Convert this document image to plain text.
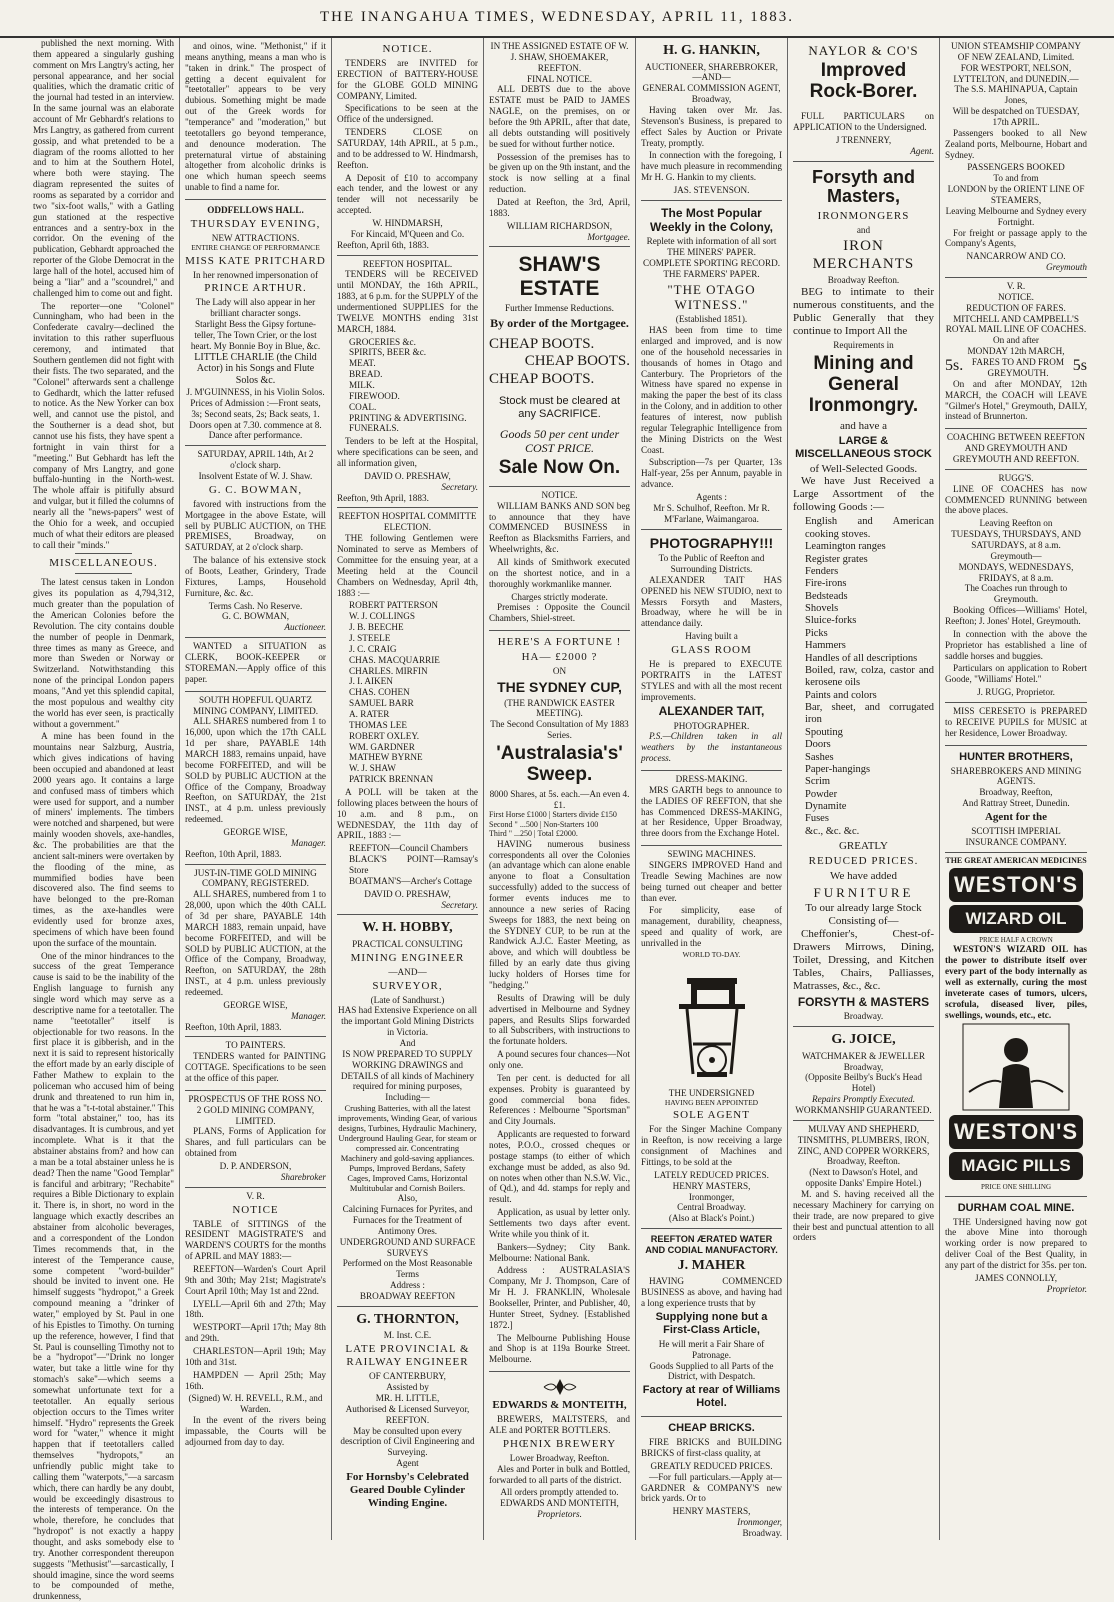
THE INANGAHUA TIMES, WEDNESDAY, APRIL 11, 1883.

published the next morning. With them appeared a singularly gushing comment on Mrs Langtry's acting, her personal appearance, and her social qualities, which the dramatic critic of the journal had tested in an interview. In the same journal was an elaborate account of Mr Gebhardt's relations to Mrs Langtry, as gathered from current gossip, and what pretended to be a diagram of the rooms allotted to her and to him at the Southern Hotel, where both were staying. The diagram represented the suites of rooms as separated by a corridor and two "six-foot walls," with a Gatling gun stationed at the respective entrances and a sentry-box in the corridor. On the evening of the publication, Gebhardt approached the reporter of the Globe Democrat in the large hall of the hotel, accused him of being a "liar" and a "scoundrel," and challenged him to come out and fight.

The reporter—one "Colonel" Cunningham, who had been in the Confederate cavalry—declined the invitation to this rather superfluous ceremony, and intimated that Southern gentlemen did not fight with their fists. The two separated, and the "Colonel" afterwards sent a challenge to Gedhardt, which the latter refused to notice. As the New Yorker can box well, and cannot use the pistol, and the Southerner is a dead shot, but cannot use his fists, they have spent a fortnight in vain thirst for a "meeting." But Gebhardt has left the company of Mrs Langtry, and gone buffalo-hunting in the North-west. The whole affair is pitifully absurd and vulgar, but it filled the columns of nearly all the "news-papers" west of the Ohio for a week, and occupied much of what their editors are pleased to call their "minds."

MISCELLANEOUS.

The latest census taken in London gives its population as 4,794,312, much greater than the population of the American Colonies before the Revolution. The city contains double the number of people in Denmark, three times as many as Greece, and more than Sweden or Norway or Switzerland. Notwithstanding this none of the principal London papers moans, "And yet this splendid capital, the most populous and wealthy city the world has ever seen, is practically without a government."

A mine has been found in the mountains near Salzburg, Austria, which gives indications of having been occupied and abandoned at least 2000 years ago. It contains a large and confused mass of timbers which were used for support, and a number of miners' implements. The timbers were notched and sharpened, but were mainly wooden shovels, axe-handles, &c. The probabilities are that the ancient salt-miners were overtaken by the flooding of the mine, as mummified bodies have been discovered also. The find seems to have belonged to the pre-Roman times, as the axe-handles were evidently used for bronze axes, specimens of which have been found upon the surface of the mountain.

One of the minor hindrances to the success of the great Temperance cause is said to be the inability of the English language to furnish any single word which may serve as a descriptive name for a teetotaller. The name "teetotaller" itself is objectionable for two reasons. In the first place it is gibberish, and in the next it is said to represent historically the effort made by an early disciple of Father Mathew to explain to the policeman who accused him of being drunk and threatened to run him in, that he was a "t-t-total abstainer." This form "total abstainer," too, has its disadvantages. It is cumbrous, and yet incomplete. What is it that the abstainer abstains from? and how can a man be a total abstainer unless he is dead? Then the name "Good Templar" is fanciful and arbitrary; "Rechabite" requires a Bible Dictionary to explain it. There is, in short, no word in the language which exactly describes an abstainer from alcoholic beverages, and a correspondent of the London Times recommends that, in the interest of the Temperance cause, some competent "word-builder" should be invited to invent one. He himself suggests "hydropot," a Greek compound meaning a "drinker of water," employed by St. Paul in one of his Epistles to Timothy. On turning up the reference, however, I find that St. Paul is counselling Timothy not to be a "hydropot"—"Drink no longer water, but take a little wine for thy stomach's sake"—which seems a somewhat unfortunate text for a teetotaller. An equally serious objection occurs to the Times writer himself. "Hydro" represents the Greek word for "water," whence it might happen that if teetotallers called themselves "hydropots," an unfriendly public might take to calling them "waterpots,"—a sarcasm which, there can hardly be any doubt, would be exceedingly disastrous to the interests of temperance. On the whole, therefore, he concludes that "hydropot" is not exactly a happy thought, and asks somebody else to try. Another correspondent thereupon suggests "Methusist"—sarcastically, I should imagine, since the word seems to be compounded of methe, drunkenness,

and oinos, wine. "Methonist," if it means anything, means a man who is "taken in drink." The prospect of getting a decent equivalent for "teetotaller" appears to be very dubious. Something might be made out of the Greek words for "temperance" and "moderation," but teetotallers go beyond temperance, and denounce moderation. The preternatural virtue of abstaining altogether from alcoholic drinks is one which human speech seems unable to find a name for.

ODDFELLOWS HALL.
THURSDAY EVENING,
NEW ATTRACTIONS.
ENTIRE CHANGE OF PERFORMANCE
MISS KATE PRITCHARD
In her renowned impersonation of
PRINCE ARTHUR.
The Lady will also appear in her brilliant character songs.
Starlight Bess the Gipsy fortune-teller, The Town Crier, or the lost heart. My Bonnie Boy in Blue, &c.
LITTLE CHARLIE (the Child Actor) in his Songs and Flute Solos &c.
J. M'GUINNESS, in his Violin Solos.
Prices of Admission :—Front seats, 3s; Second seats, 2s; Back seats, 1.
Doors open at 7.30. commence at 8.
Dance after performance.
SATURDAY, APRIL 14th, At 2 o'clock sharp.
Insolvent Estate of W. J. Shaw.
G. C. BOWMAN,

favored with instructions from the Mortgagee in the above Estate, will sell by PUBLIC AUCTION, on THE PREMISES, Broadway, on SATURDAY, at 2 o'clock sharp.

The balance of his extensive stock of Boots, Leather, Grindery, Trade Fixtures, Lamps, Household Furniture, &c. &c.

Terms Cash. No Reserve.
G. C. BOWMAN,
Auctioneer.

WANTED a SITUATION as CLERK, BOOK-KEEPER or STOREMAN.—Apply office of this paper.

SOUTH HOPEFUL QUARTZ MINING COMPANY, LIMITED.

ALL SHARES numbered from 1 to 16,000, upon which the 17th CALL 1d per share, PAYABLE 14th MARCH 1883, remains unpaid, have become FORFEITED, and will be SOLD by PUBLIC AUCTION at the Office of the Company, Broadway Reefton, on SATURDAY, the 21st INST., at 4 p.m. unless previously redeemed.

GEORGE WISE,
Manager.
Reefton, 10th April, 1883.
JUST-IN-TIME GOLD MINING COMPANY, REGISTERED.

ALL SHARES, numbered from 1 to 28,000, upon which the 40th CALL of 3d per share, PAYABLE 14th MARCH 1883, remain unpaid, have become FORFEITED, and will be SOLD by PUBLIC AUCTION, at the Office of the Company, Broadway, Reefton, on SATURDAY, the 28th INST., at 4 p.m. unless previously redeemed.

GEORGE WISE,
Manager.
Reefton, 10th April, 1883.
TO PAINTERS.

TENDERS wanted for PAINTING COTTAGE. Specifications to be seen at the office of this paper.

PROSPECTUS OF THE ROSS NO. 2 GOLD MINING COMPANY, LIMITED.

PLANS, Forms of Application for Shares, and full particulars can be obtained from

D. P. ANDERSON,
Sharebroker
V. R.
NOTICE

TABLE of SITTINGS of the RESIDENT MAGISTRATE'S and WARDEN'S COURTS for the months of APRIL and MAY 1883:—

REEFTON—Warden's Court April 9th and 30th; May 21st; Magistrate's Court April 10th; May 1st and 22nd.

LYELL—April 6th and 27th; May 18th.

WESTPORT—April 17th; May 8th and 29th.

CHARLESTON—April 19th; May 10th and 31st.

HAMPDEN — April 25th; May 16th.

(Signed) W. H. REVELL, R.M., and Warden.

In the event of the rivers being impassable, the Courts will be adjourned from day to day.

NOTICE.

TENDERS are INVITED for ERECTION of BATTERY-HOUSE for the GLOBE GOLD MINING COMPANY, Limited.

Specifications to be seen at the Office of the undersigned.

TENDERS CLOSE on SATURDAY, 14th APRIL, at 5 p.m., and to be addressed to W. Hindmarsh, Reefton.

A Deposit of £10 to accompany each tender, and the lowest or any tender will not necessarily be accepted.

W. HINDMARSH,
For Kincaid, M'Queen and Co.
Reefton, April 6th, 1883.
REEFTON HOSPITAL.

TENDERS will be RECEIVED until MONDAY, the 16th APRIL, 1883, at 6 p.m. for the SUPPLY of the undermentioned SUPPLIES for the TWELVE MONTHS ending 31st MARCH, 1884.

GROCERIES &c.
SPIRITS, BEER &c.
MEAT.
BREAD.
MILK.
FIREWOOD.
COAL.
PRINTING & ADVERTISING.
FUNERALS.

Tenders to be left at the Hospital, where specifications can be seen, and all information given,

DAVID O. PRESHAW,
Secretary.
Reefton, 9th April, 1883.
REEFTON HOSPITAL COMMITTE ELECTION.

THE following Gentlemen were Nominated to serve as Members of Committee for the ensuing year, at a Meeting held at the Council Chambers on Wednesday, April 4th, 1883 :—

ROBERT PATTERSON
W. J. COLLINGS
J. B. BEECHE
J. STEELE
J. C. CRAIG
CHAS. MACQUARRIE
CHARLES. MIRFIN
J. I. AIKEN
CHAS. COHEN
SAMUEL BARR
A. RATER
THOMAS LEE
ROBERT OXLEY.
WM. GARDNER
MATHEW BYRNE
W. J. SHAW
PATRICK BRENNAN

A POLL will be taken at the following places between the hours of 10 a.m. and 8 p.m., on WEDNESDAY, the 11th day of APRIL, 1883 :—

REEFTON—Council Chambers
BLACK'S POINT—Ramsay's Store
BOATMAN'S—Archer's Cottage
DAVID O. PRESHAW,
Secretary.
W. H. HOBBY,
PRACTICAL CONSULTING
MINING ENGINEER
—AND—
SURVEYOR,
(Late of Sandhurst.)
HAS had Extensive Experience on all the important Gold Mining Districts in Victoria.
And
IS NOW PREPARED TO SUPPLY WORKING DRAWINGS and DETAILS of all kinds of Machinery required for mining purposes, Including—
Crushing Batteries, with all the latest improvements, Winding Gear, of various designs, Turbines, Hydraulic Machinery, Underground Hauling Gear, for steam or compressed air. Concentrating Machinery and gold-saving appliances. Pumps, Improved Berdans, Safety Cages, Improved Cams, Horizontal Multitubular and Cornish Boilers.
Also,
Calcining Furnaces for Pyrites, and Furnaces for the Treatment of Antimony Ores.
UNDERGROUND AND SURFACE SURVEYS
Performed on the Most Reasonable Terms
Address :
BROADWAY REEFTON
G. THORNTON,
M. Inst. C.E.
LATE PROVINCIAL & RAILWAY ENGINEER
OF CANTERBURY,
Assisted by
MR. H. LITTLE,
Authorised & Licensed Surveyor,
REEFTON.
May be consulted upon every description of Civil Engineering and Surveying.
Agent
For Hornsby's Celebrated Geared Double Cylinder Winding Engine.
IN THE ASSIGNED ESTATE OF W. J. SHAW, SHOEMAKER, REEFTON.
FINAL NOTICE.

ALL DEBTS due to the above ESTATE must be PAID to JAMES NAGLE, on the premises, on or before the 9th APRIL, after that date, all debts outstanding will positively be sued for without further notice.

Possession of the premises has to be given up on the 9th instant, and the stock is now selling at a final reduction.

Dated at Reefton, the 3rd, April, 1883.

WILLIAM RICHARDSON,
Mortgagee.
SHAW'S ESTATE
Further Immense Reductions.
By order of the Mortgagee.
CHEAP BOOTS.
CHEAP BOOTS.
CHEAP BOOTS.
Stock must be cleared at any SACRIFICE.
Goods 50 per cent under COST PRICE.
Sale Now On.
NOTICE.

WILLIAM BANKS AND SON beg to announce that they have COMMENCED BUSINESS in Reefton as Blacksmiths Farriers, and Wheelwrights, &c.

All kinds of Smithwork executed on the shortest notice, and in a thoroughly workmanlike manner.

Charges strictly moderate.

Premises : Opposite the Council Chambers, Shiel-street.

HERE'S A FORTUNE !
HA— £2000 ?
ON
THE SYDNEY CUP,
(THE RANDWICK EASTER MEETING).
The Second Consultation of My 1883 Series.
'Australasia's' Sweep.
8000 Shares, at 5s. each.—An even 4. £1.
First Horse £1000 | Starters divide £150
Second " ...500 | Non-Starters 100
Third " ...250 | Total £2000.

HAVING numerous business correspondents all over the Colonies (an advantage which can alone enable anyone to float a Consultation successfully) added to the success of former events induces me to announce a new series of Racing Sweeps for 1883, the next being on the SYDNEY CUP, to be run at the Randwick A.J.C. Easter Meeting, as above, and which will doubtless be filled by an early date thus giving lucky holders of Horses time for "hedging."

Results of Drawing will be duly advertised in Melbourne and Sydney papers, and Results Slips forwarded to all Subscribers, with instructions to the fortunate holders.

A pound secures four chances—Not only one.

Ten per cent. is deducted for all expenses. Probity is guaranteed by good commercial bona fides. References : Melbourne "Sportsman" and City Journals.

Applicants are requested to forward notes, P.O.O., crossed cheques or postage stamps (to either of which exchange must be added, as also 9d. on notes when other than N.S.W. Vic., of Qd.), and 4d. stamps for reply and result.

Application, as usual by letter only. Settlements two days after event. Write while you think of it.

Bankers—Sydney; City Bank. Melbourne: National Bank.

Address : AUSTRALASIA'S Company, Mr J. Thompson, Care of Mr H. J. FRANKLIN, Wholesale Bookseller, Printer, and Publisher, 40, Hunter Street, Sydney. [Established 1872.]

The Melbourne Publishing House and Shop is at 119a Bourke Street. Melbourne.

EDWARDS & MONTEITH,

BREWERS, MALTSTERS, and ALE and PORTER BOTTLERS.

PHŒNIX BREWERY
Lower Broadway, Reefton.

Ales and Porter in bulk and Bottled, forwarded to all parts of the district.

All orders promptly attended to.
EDWARDS AND MONTEITH,
Proprietors.
H. G. HANKIN,
AUCTIONEER, SHAREBROKER,
—AND—
GENERAL COMMISSION AGENT,
Broadway,

Having taken over Mr. Jas. Stevenson's Business, is prepared to effect Sales by Auction or Private Treaty, promptly.

In connection with the foregoing, I have much pleasure in recommending Mr H. G. Hankin to my clients.

JAS. STEVENSON.
The Most Popular Weekly in the Colony,
Replete with information of all sort
THE MINERS' PAPER.
COMPLETE SPORTING RECORD.
THE FARMERS' PAPER.
"THE OTAGO WITNESS."
(Established 1851).

HAS been from time to time enlarged and improved, and is now one of the household necessaries in thousands of homes in Otago and Canterbury. The Proprietors of the Witness have spared no expense in making the paper the best of its class in the Colony, and in addition to other features of interest, now publish regular Telegraphic Intelligence from the Mining Districts on the West Coast.

Subscription—7s per Quarter, 13s Half-year, 25s per Annum, payable in advance.

Agents :
Mr S. Schulhof, Reefton. Mr R. M'Farlane, Waimangaroa.
PHOTOGRAPHY!!!
To the Public of Reefton and Surrounding Districts.

ALEXANDER TAIT HAS OPENED his NEW STUDIO, next to Messrs Forsyth and Masters, Broadway, where he will be in attendance daily.

Having built a
GLASS ROOM

He is prepared to EXECUTE PORTRAITS in the LATEST STYLES and with all the most recent improvements.

ALEXANDER TAIT,
PHOTOGRAPHER.

P.S.—Children taken in all weathers by the instantaneous process.

DRESS-MAKING.

MRS GARTH begs to announce to the LADIES OF REEFTON, that she has Commenced DRESS-MAKING, at her Residence, Upper Broadway, three doors from the Exchange Hotel.

SEWING MACHINES.

SINGERS IMPROVED Hand and Treadle Sewing Machines are now being turned out cheaper and better than ever.

For simplicity, ease of management, durability, cheapness, speed and quality of work, are unrivalled in the

WORLD TO-DAY.
THE UNDERSIGNED
HAVING BEEN APPOINTED
SOLE AGENT

For the Singer Machine Company in Reefton, is now receiving a large consignment of Machines and Fittings, to be sold at the

LATELY REDUCED PRICES.
HENRY MASTERS,
Ironmonger,
Central Broadway.
(Also at Black's Point.)
REEFTON ÆRATED WATER AND CODIAL MANUFACTORY.
J. MAHER

HAVING COMMENCED BUSINESS as above, and having had a long experience trusts that by

Supplying none but a First-Class Article,
He will merit a Fair Share of Patronage.
Goods Supplied to all Parts of the District, with Despatch.
Factory at rear of Williams Hotel.
CHEAP BRICKS.

FIRE BRICKS and BUILDING BRICKS of first-class quality, at

GREATLY REDUCED PRICES.

—For full particulars.—Apply at—GARDNER & COMPANY'S new brick yards. Or to

HENRY MASTERS,
Ironmonger,
Broadway.
NAYLOR & CO'S
Improved Rock-Borer.

FULL PARTICULARS on APPLICATION to the Undersigned.

J TRENNERY,
Agent.
Forsyth and Masters,
IRONMONGERS
and
IRON MERCHANTS
Broadway Reefton.

BEG to intimate to their numerous constituents, and the Public Generally that they continue to Import All the

Requirements in
Mining and General Ironmongry.
and have a
LARGE & MISCELLANEOUS STOCK
of Well-Selected Goods.

We have Just Received a Large Assortment of the following Goods :—

English and American cooking stoves.
Leamington ranges
Register grates
Fenders
Fire-irons
Bedsteads
Shovels
Sluice-forks
Picks
Hammers
Handles of all descriptions
Boiled, raw, colza, castor and kerosene oils
Paints and colors
Bar, sheet, and corrugated iron
Spouting
Doors
Sashes
Paper-hangings
Scrim
Powder
Dynamite
Fuses
&c., &c. &c.
GREATLY
REDUCED PRICES.
We have added
FURNITURE
To our already large Stock Consisting of—

Cheffonier's, Chest-of-Drawers Mirrows, Dining, Toilet, Dressing, and Kitchen Tables, Chairs, Palliasses, Matrasses, &c., &c.

FORSYTH & MASTERS
Broadway.
G. JOICE,
WATCHMAKER & JEWELLER
Broadway,
(Opposite Beilby's Buck's Head Hotel)
Repairs Promptly Executed.
WORKMANSHIP GUARANTEED.
MULVAY AND SHEPHERD, TINSMITHS, PLUMBERS, IRON, ZINC, AND COPPER WORKERS,
Broadway, Reefton.
(Next to Dawson's Hotel, and opposite Danks' Empire Hotel.)

M. and S. having received all the necessary Machinery for carrying on their trade, are now prepared to give their best and punctual attention to all orders

UNION STEAMSHIP COMPANY OF NEW ZEALAND, Limited.
FOR WESTPORT, NELSON, LYTTELTON, and DUNEDIN.—
The S.S. MAHINAPUA, Captain Jones,
Will be despatched on TUESDAY, 17th APRIL.

Passengers booked to all New Zealand ports, Melbourne, Hobart and Sydney.

PASSENGERS BOOKED
To and from
LONDON by the ORIENT LINE OF STEAMERS,
Leaving Melbourne and Sydney every Fortnight.

For freight or passage apply to the Company's Agents,

NANCARROW AND CO.
Greymouth
V. R.
NOTICE.
REDUCTION OF FARES.
MITCHELL AND CAMPBELL'S ROYAL MAIL LINE OF COACHES.
On and after
MONDAY 12th MARCH,
5s. FARES TO AND FROM GREYMOUTH.	5s

On and after MONDAY, 12th MARCH, the COACH will LEAVE "Gilmer's Hotel," Greymouth, DAILY, instead of Brunnerton.

COACHING BETWEEN REEFTON AND GREYMOUTH AND GREYMOUTH AND REEFTON.
RUGG'S.

LINE OF COACHES has now COMMENCED RUNNING between the above places.

Leaving Reefton on
TUESDAYS, THURSDAYS, AND SATURDAYS, at 8 a.m.
Greymouth—
MONDAYS, WEDNESDAYS, FRIDAYS, at 8 a.m.
The Coaches run through to Greymouth.

Booking Offices—Williams' Hotel, Reefton; J. Jones' Hotel, Greymouth.

In connection with the above the Proprietor has established a line of saddle horses and buggies.

Particulars on application to Robert Goode, "Williams' Hotel."

J. RUGG, Proprietor.

MISS CERESETO is PREPARED to RECEIVE PUPILS for MUSIC at her Residence, Lower Broadway.

HUNTER BROTHERS,
SHAREBROKERS AND MINING AGENTS.
Broadway, Reefton,
And Rattray Street, Dunedin.
Agent for the
SCOTTISH IMPERIAL INSURANCE COMPANY.
THE GREAT AMERICAN MEDICINES
WESTON'S
WIZARD OIL
PRICE HALF A CROWN

WESTON'S WIZARD OIL has the power to distribute itself over every part of the body internally as well as externally, curing the most inveterate cases of tumors, ulcers, scrofula, diseased liver, piles, swellings, wounds, etc., etc.

WESTON'S
MAGIC PILLS
PRICE ONE SHILLING
DURHAM COAL MINE.

THE Undersigned having now got the above Mine into thorough working order is now prepared to deliver Coal of the Best Quality, in any part of the district for 35s. per ton.

JAMES CONNOLLY,
Proprietor.
